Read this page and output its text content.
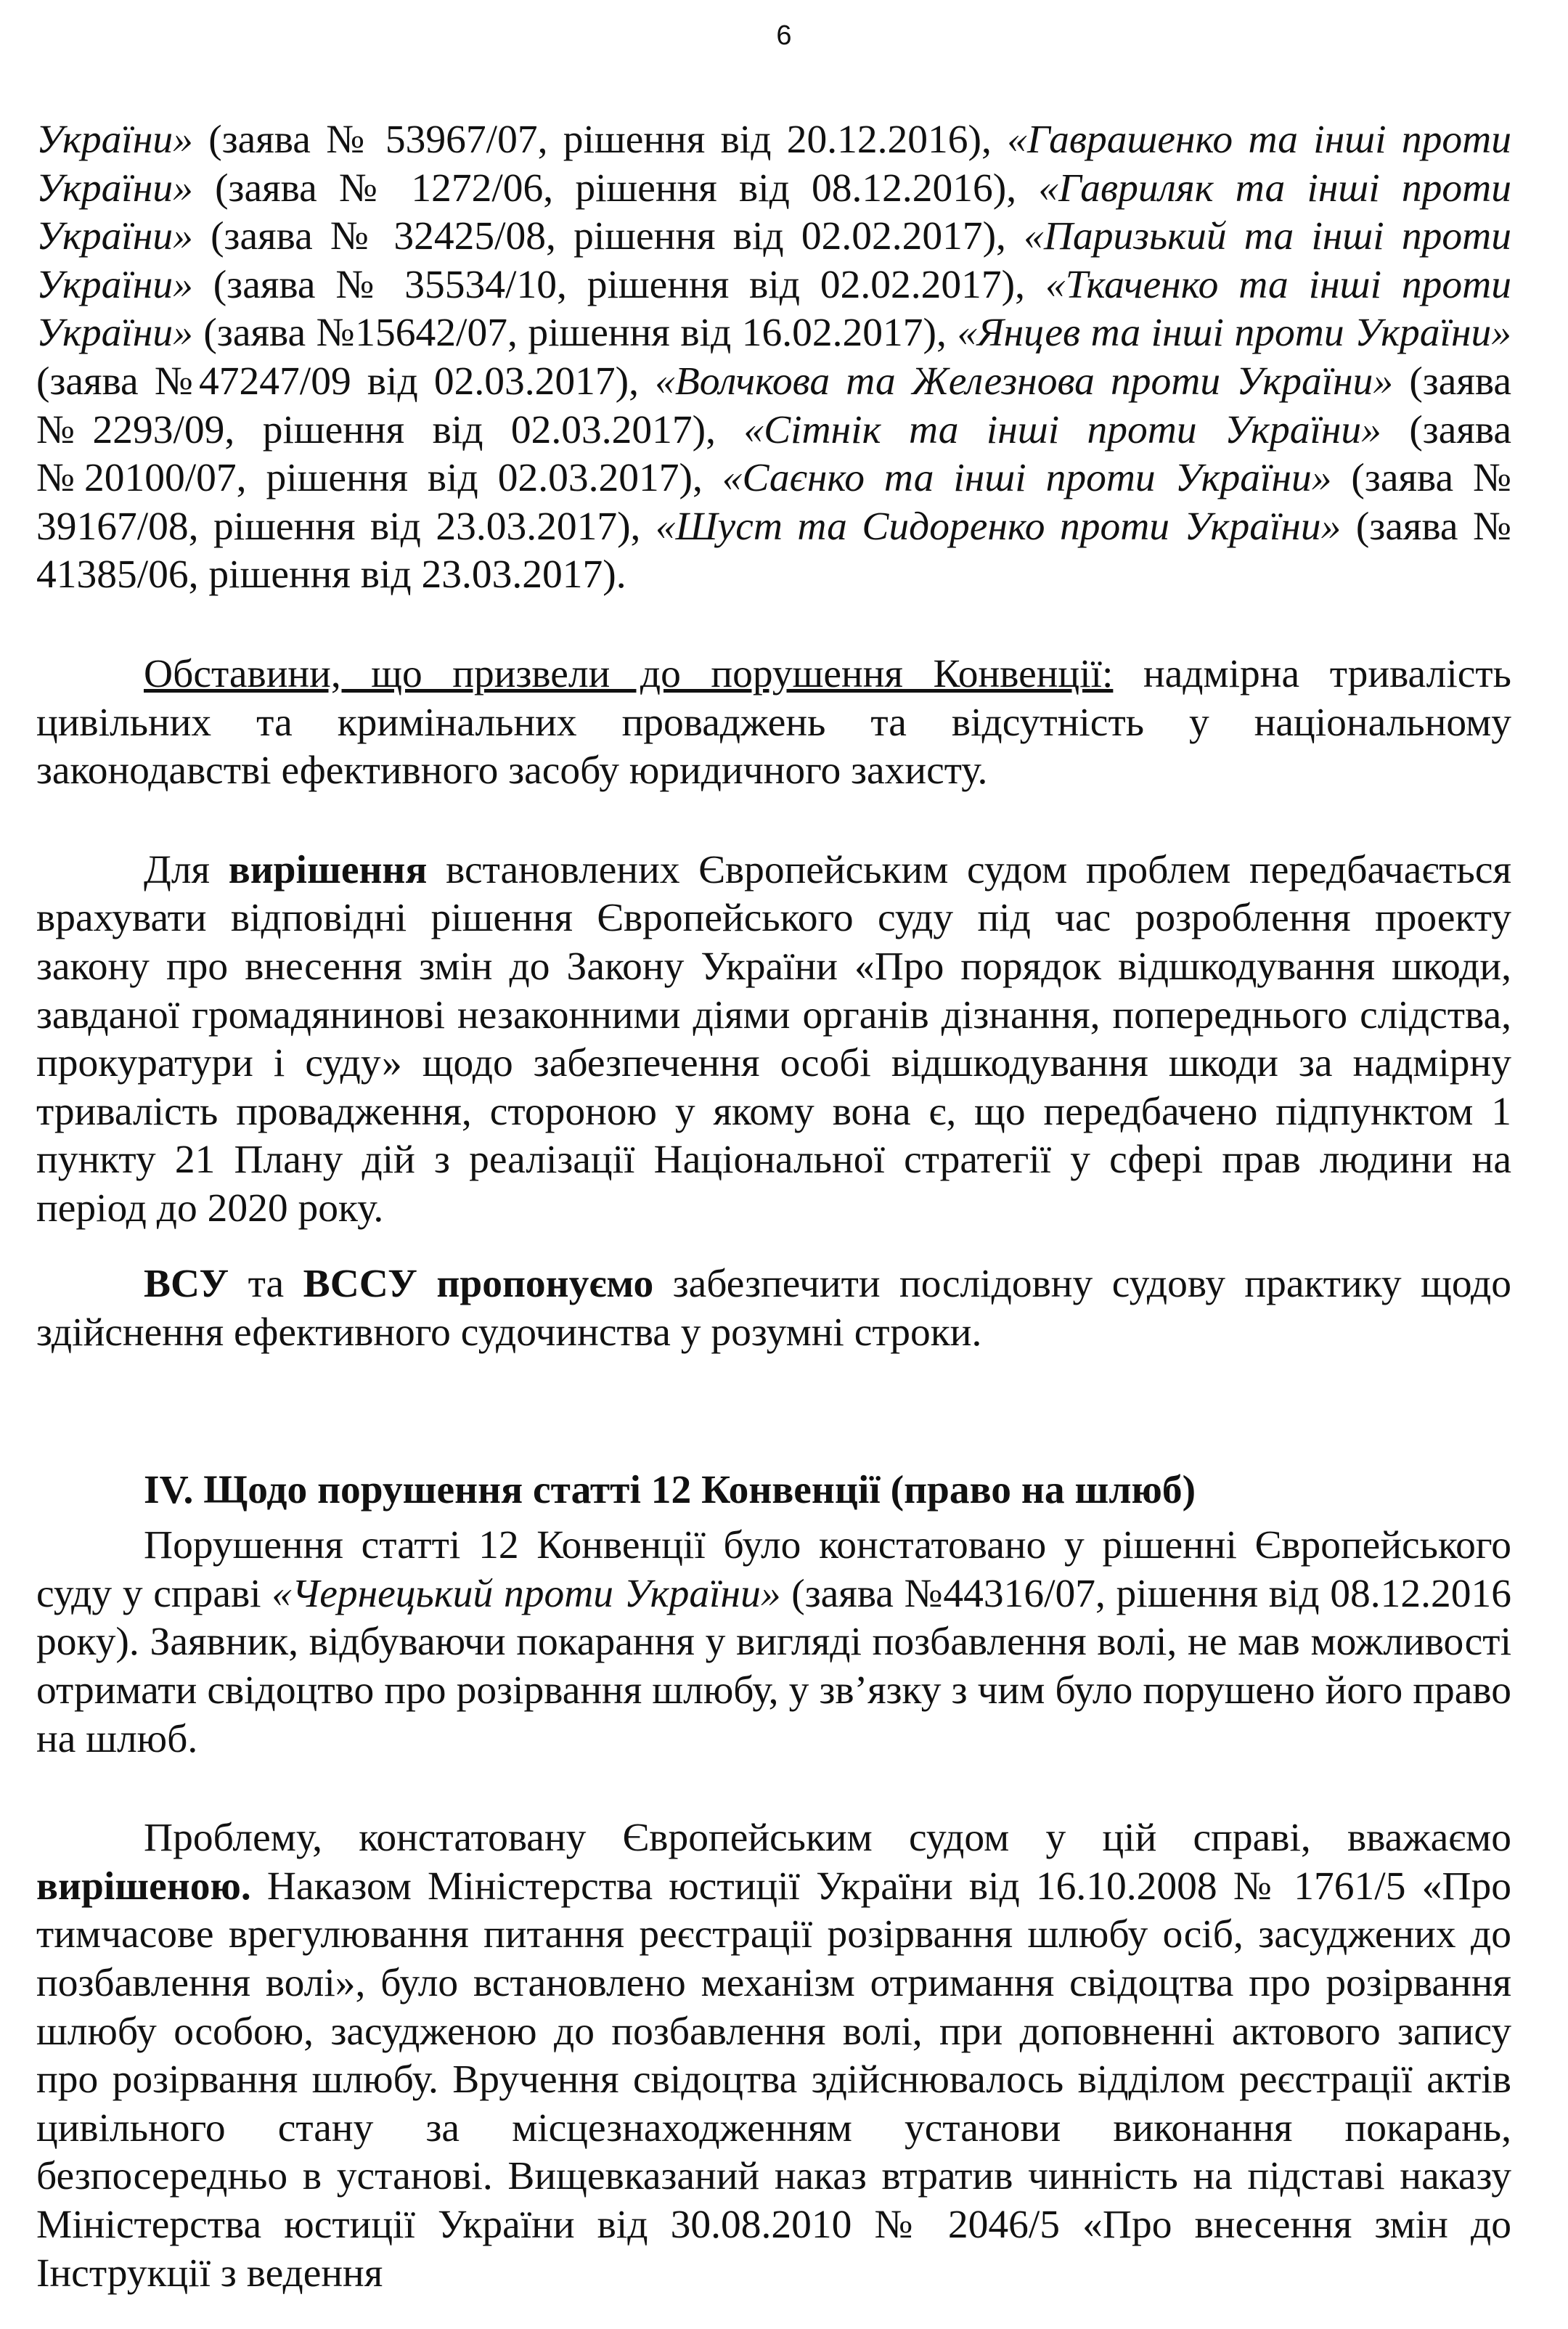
6

України» (заява № 53967/07, рішення від 20.12.2016), «Гаврашенко та інші проти України» (заява № 1272/06, рішення від 08.12.2016), «Гавриляк та інші проти України» (заява № 32425/08, рішення від 02.02.2017), «Паризький та інші проти України» (заява № 35534/10, рішення від 02.02.2017), «Ткаченко та інші проти України» (заява №15642/07, рішення від 16.02.2017), «Янцев та інші проти України» (заява №47247/09 від 02.03.2017), «Волчкова та Железнова проти України» (заява №2293/09, рішення від 02.03.2017), «Сітнік та інші проти України» (заява №20100/07, рішення від 02.03.2017), «Саєнко та інші проти України» (заява № 39167/08, рішення від 23.03.2017), «Шуст та Сидоренко проти України» (заява № 41385/06, рішення від 23.03.2017).

Обставини, що призвели до порушення Конвенції: надмірна тривалість цивільних та кримінальних проваджень та відсутність у національному законодавстві ефективного засобу юридичного захисту.

Для вирішення встановлених Європейським судом проблем передбачається врахувати відповідні рішення Європейського суду під час розроблення проекту закону про внесення змін до Закону України «Про порядок відшкодування шкоди, завданої громадянинові незаконними діями органів дізнання, попереднього слідства, прокуратури і суду» щодо забезпечення особі відшкодування шкоди за надмірну тривалість провадження, стороною у якому вона є, що передбачено підпунктом 1 пункту 21 Плану дій з реалізації Національної стратегії у сфері прав людини на період до 2020 року.

ВСУ та ВССУ пропонуємо забезпечити послідовну судову практику щодо здійснення ефективного судочинства у розумні строки.

IV. Щодо порушення статті 12 Конвенції (право на шлюб)

Порушення статті 12 Конвенції було констатовано у рішенні Європейського суду у справі «Чернецький проти України» (заява №44316/07, рішення від 08.12.2016 року). Заявник, відбуваючи покарання у вигляді позбавлення волі, не мав можливості отримати свідоцтво про розірвання шлюбу, у зв’язку з чим було порушено його право на шлюб.

Проблему, констатовану Європейським судом у цій справі, вважаємо вирішеною. Наказом Міністерства юстиції України від 16.10.2008 № 1761/5 «Про тимчасове врегулювання питання реєстрації розірвання шлюбу осіб, засуджених до позбавлення волі», було встановлено механізм отримання свідоцтва про розірвання шлюбу особою, засудженою до позбавлення волі, при доповненні актового запису про розірвання шлюбу. Вручення свідоцтва здійснювалось відділом реєстрації актів цивільного стану за місцезнаходженням установи виконання покарань, безпосередньо в установі. Вищевказаний наказ втратив чинність на підставі наказу Міністерства юстиції України від 30.08.2010 № 2046/5 «Про внесення змін до Інструкції з ведення
